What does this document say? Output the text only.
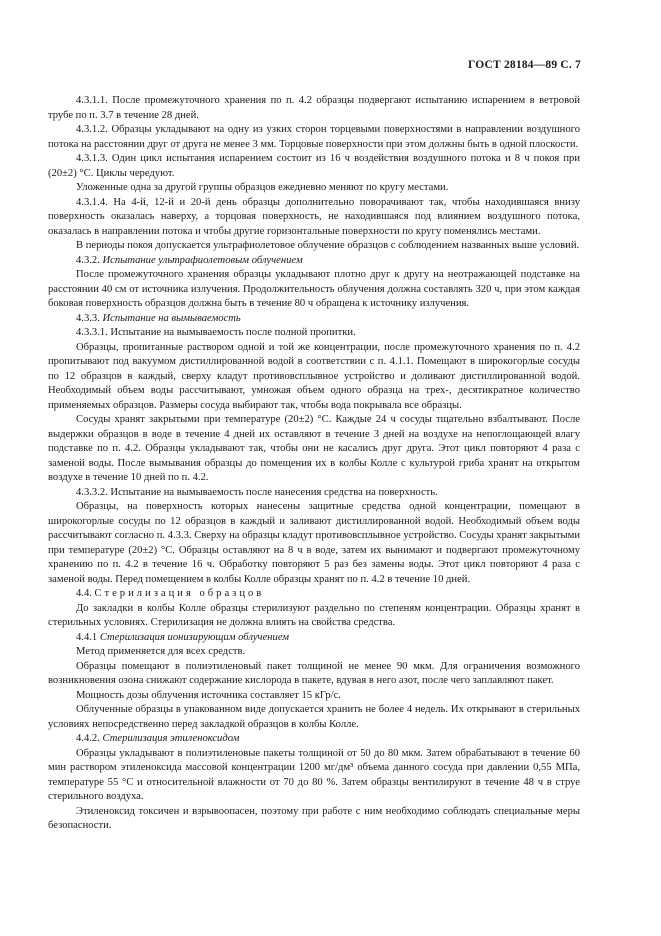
ГОСТ 28184—89 С. 7

4.3.1.1. После промежуточного хранения по п. 4.2 образцы подвергают испытанию испарением в ветровой трубе по п. 3.7 в течение 28 дней.

4.3.1.2. Образцы укладывают на одну из узких сторон торцевыми поверхностями в направлении воздушного потока на расстоянии друг от друга не менее 3 мм. Торцовые поверхности при этом должны быть в одной плоскости.

4.3.1.3. Один цикл испытания испарением состоит из 16 ч воздействия воздушного потока и 8 ч покоя при (20±2) °С. Циклы чередуют.

Уложенные одна за другой группы образцов ежедневно меняют по кругу местами.

4.3.1.4. На 4-й, 12-й и 20-й день образцы дополнительно поворачивают так, чтобы находившаяся внизу поверхность оказалась наверху, а торцовая поверхность, не находившаяся под влиянием воздушного потока, оказалась в направлении потока и чтобы другие горизонтальные поверхности по кругу поменялись местами.

В периоды покоя допускается ультрафиолетовое облучение образцов с соблюдением названных выше условий.

4.3.2. Испытание ультрафиолетовым облучением

После промежуточного хранения образцы укладывают плотно друг к другу на неотражающей подставке на расстоянии 40 см от источника излучения. Продолжительность облучения должна составлять 320 ч, при этом каждая боковая поверхность образцов должна быть в течение 80 ч обращена к источнику излучения.

4.3.3. Испытание на вымываемость

4.3.3.1. Испытание на вымываемость после полной пропитки.

Образцы, пропитанные раствором одной и той же концентрации, после промежуточного хранения по п. 4.2 пропитывают под вакуумом дистиллированной водой в соответствии с п. 4.1.1. Помещают в широкогорлые сосуды по 12 образцов в каждый, сверху кладут противовсплывное устройство и доливают дистиллированной водой. Необходимый объем воды рассчитывают, умножая объем одного образца на трех-, десятикратное количество применяемых образцов. Размеры сосуда выбирают так, чтобы вода покрывала все образцы.

Сосуды хранят закрытыми при температуре (20±2) °С. Каждые 24 ч сосуды тщательно взбалтывают. После выдержки образцов в воде в течение 4 дней их оставляют в течение 3 дней на воздухе на непоглощающей влагу подставке по п. 4.2. Образцы укладывают так, чтобы они не касались друг друга. Этот цикл повторяют 4 раза с заменой воды. После вымывания образцы до помещения их в колбы Колле с культурой гриба хранят на открытом воздухе в течение 10 дней по п. 4.2.

4.3.3.2. Испытание на вымываемость после нанесения средства на поверхность.

Образцы, на поверхность которых нанесены защитные средства одной концентрации, помещают в широкогорлые сосуды по 12 образцов в каждый и заливают дистиллированной водой. Необходимый объем воды рассчитывают согласно п. 4.3.3. Сверху на образцы кладут противовсплывное устройство. Сосуды хранят закрытыми при температуре (20±2) °С. Образцы оставляют на 8 ч в воде, затем их вынимают и подвергают промежуточному хранению по п. 4.2 в течение 16 ч. Обработку повторяют 5 раз без замены воды. Этот цикл повторяют 4 раза с заменой воды. Перед помещением в колбы Колле образцы хранят по п. 4.2 в течение 10 дней.

4.4. Стерилизация образцов

До закладки в колбы Колле образцы стерилизуют раздельно по степеням концентрации. Образцы хранят в стерильных условиях. Стерилизация не должна влиять на свойства средства.

4.4.1 Стерилизация ионизирующим облучением

Метод применяется для всех средств.

Образцы помещают в полиэтиленовый пакет толщиной не менее 90 мкм. Для ограничения возможного возникновения озона снижают содержание кислорода в пакете, вдувая в него азот, после чего заплавляют пакет.

Мощность дозы облучения источника составляет 15 кГр/с.

Облученные образцы в упакованном виде допускается хранить не более 4 недель. Их открывают в стерильных условиях непосредственно перед закладкой образцов в колбы Колле.

4.4.2. Стерилизация этиленоксидом

Образцы укладывают в полиэтиленовые пакеты толщиной от 50 до 80 мкм. Затем обрабатывают в течение 60 мин раствором этиленоксида массовой концентрации 1200 мг/дм³ объема данного сосуда при давлении 0,55 МПа, температуре 55 °С и относительной влажности от 70 до 80 %. Затем образцы вентилируют в течение 48 ч в струе стерильного воздуха.

Этиленоксид токсичен и взрывоопасен, поэтому при работе с ним необходимо соблюдать специальные меры безопасности.
